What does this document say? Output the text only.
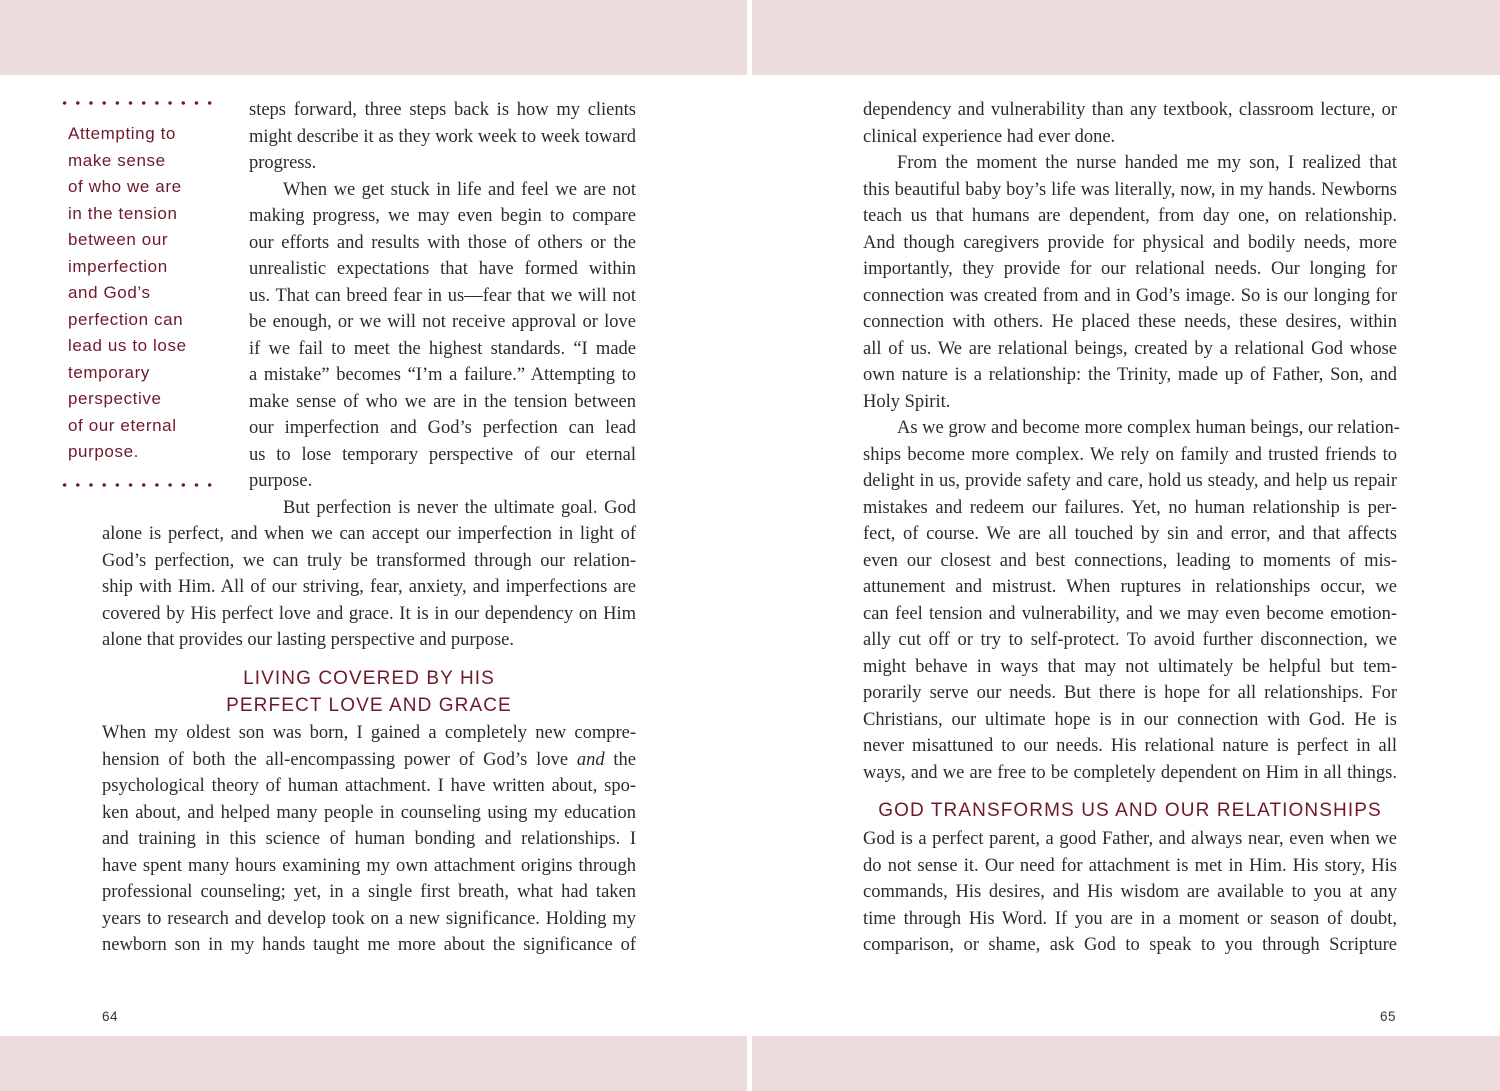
Attempting to
make sense
of who we are
in the tension
between our
imperfection
and God’s
perfection can
lead us to lose
temporary
perspective
of our eternal
purpose.
steps forward, three steps back is how my clients
might describe it as they work week to week toward
progress.
When we get stuck in life and feel we are not
making progress, we may even begin to compare
our efforts and results with those of others or the
unrealistic expectations that have formed within
us. That can breed fear in us—fear that we will not
be enough, or we will not receive approval or love
if we fail to meet the highest standards. “I made
a mistake” becomes “I’m a failure.” Attempting to
make sense of who we are in the tension between
our imperfection and God’s perfection can lead
us to lose temporary perspective of our eternal
purpose.
But perfection is never the ultimate goal. God
alone is perfect, and when we can accept our imperfection in light of
God’s perfection, we can truly be transformed through our relation-
ship with Him. All of our striving, fear, anxiety, and imperfections are
covered by His perfect love and grace. It is in our dependency on Him
alone that provides our lasting perspective and purpose.
LIVING COVERED BY HIS
PERFECT LOVE AND GRACE
When my oldest son was born, I gained a completely new compre-
hension of both the all-encompassing power of God’s love and the
psychological theory of human attachment. I have written about, spo-
ken about, and helped many people in counseling using my education
and training in this science of human bonding and relationships. I
have spent many hours examining my own attachment origins through
professional counseling; yet, in a single first breath, what had taken
years to research and develop took on a new significance. Holding my
newborn son in my hands taught me more about the significance of
64
dependency and vulnerability than any textbook, classroom lecture, or
clinical experience had ever done.
From the moment the nurse handed me my son, I realized that
this beautiful baby boy’s life was literally, now, in my hands. Newborns
teach us that humans are dependent, from day one, on relationship.
And though caregivers provide for physical and bodily needs, more
importantly, they provide for our relational needs. Our longing for
connection was created from and in God’s image. So is our longing for
connection with others. He placed these needs, these desires, within
all of us. We are relational beings, created by a relational God whose
own nature is a relationship: the Trinity, made up of Father, Son, and
Holy Spirit.
As we grow and become more complex human beings, our relation-
ships become more complex. We rely on family and trusted friends to
delight in us, provide safety and care, hold us steady, and help us repair
mistakes and redeem our failures. Yet, no human relationship is per-
fect, of course. We are all touched by sin and error, and that affects
even our closest and best connections, leading to moments of mis-
attunement and mistrust. When ruptures in relationships occur, we
can feel tension and vulnerability, and we may even become emotion-
ally cut off or try to self-protect. To avoid further disconnection, we
might behave in ways that may not ultimately be helpful but tem-
porarily serve our needs. But there is hope for all relationships. For
Christians, our ultimate hope is in our connection with God. He is
never misattuned to our needs. His relational nature is perfect in all
ways, and we are free to be completely dependent on Him in all things.
GOD TRANSFORMS US AND OUR RELATIONSHIPS
God is a perfect parent, a good Father, and always near, even when we
do not sense it. Our need for attachment is met in Him. His story, His
commands, His desires, and His wisdom are available to you at any
time through His Word. If you are in a moment or season of doubt,
comparison, or shame, ask God to speak to you through Scripture
65
